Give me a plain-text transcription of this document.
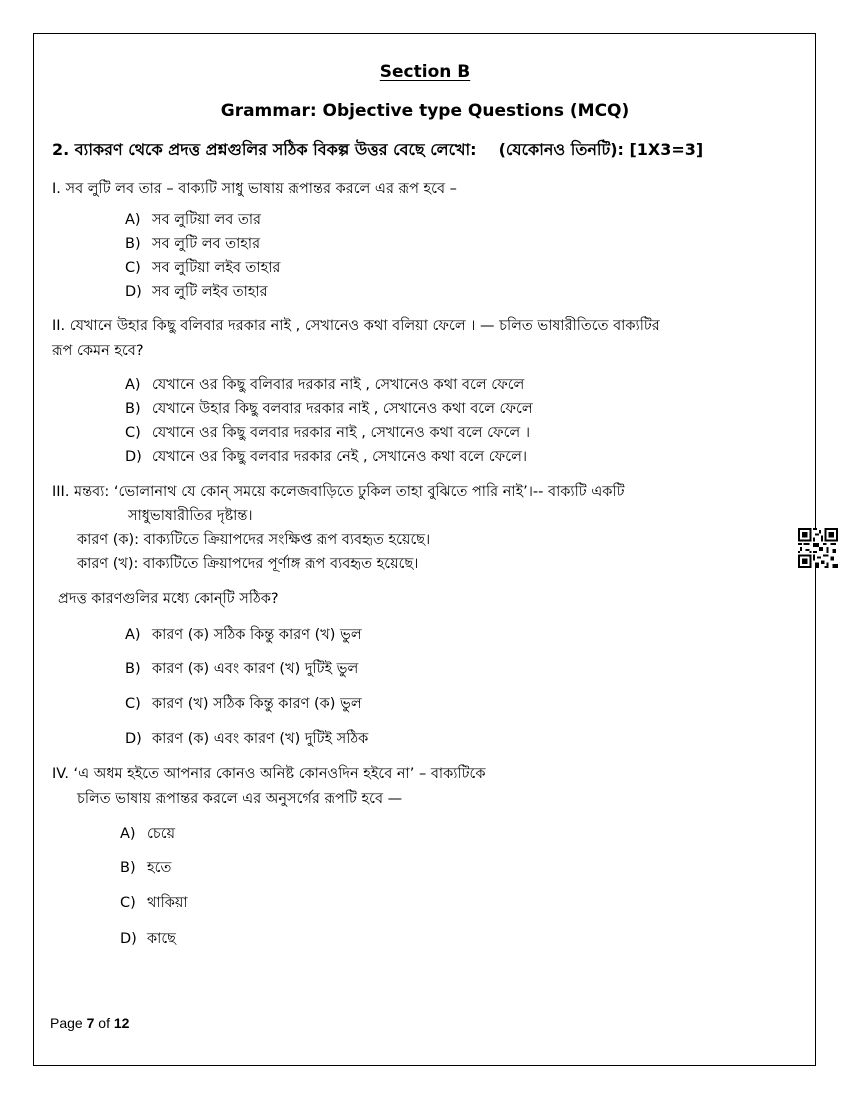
Section B
Grammar: Objective type Questions (MCQ)
2. ব্যাকরণ থেকে প্রদত্ত প্রশ্নগুলির সঠিক বিকল্প উত্তর বেছে লেখো: (যেকোনও তিনটি): [1X3=3]
I. সব লুটি লব তার – বাক্যটি সাধু ভাষায় রূপান্তর করলে এর রূপ হবে –
A) সব লুটিয়া লব তার
B) সব লুটি লব তাহার
C) সব লুটিয়া লইব তাহার
D) সব লুটি লইব তাহার
II. যেখানে উহার কিছু বলিবার দরকার নাই , সেখানেও কথা বলিয়া ফেলে । — চলিত ভাষারীতিতে বাক্যটির
রূপ কেমন হবে?
A) যেখানে ওর কিছু বলিবার দরকার নাই , সেখানেও কথা বলে ফেলে
B) যেখানে উহার কিছু বলবার দরকার নাই , সেখানেও কথা বলে ফেলে
C) যেখানে ওর কিছু বলবার দরকার নাই , সেখানেও কথা বলে ফেলে ।
D) যেখানে ওর কিছু বলবার দরকার নেই , সেখানেও কথা বলে ফেলে।
III. মন্তব্য: ‘ভোলানাথ যে কোন্ সময়ে কলেজবাড়িতে ঢুকিল তাহা বুঝিতে পারি নাই’।-- বাক্যটি একটি
সাধুভাষারীতির দৃষ্টান্ত।
কারণ (ক): বাক্যটিতে ক্রিয়াপদের সংক্ষিপ্ত রূপ ব্যবহৃত হয়েছে।
কারণ (খ): বাক্যটিতে ক্রিয়াপদের পূর্ণাঙ্গ রূপ ব্যবহৃত হয়েছে।
প্রদত্ত কারণগুলির মধ্যে কোন্‌টি সঠিক?
A) কারণ (ক) সঠিক কিন্তু কারণ (খ) ভুল
B) কারণ (ক) এবং কারণ (খ) দুটিই ভুল
C) কারণ (খ) সঠিক কিন্তু কারণ (ক) ভুল
D) কারণ (ক) এবং কারণ (খ) দুটিই সঠিক
IV. ‘এ অধম হইতে আপনার কোনও অনিষ্ট কোনওদিন হইবে না’ – বাক্যটিকে
চলিত ভাষায় রূপান্তর করলে এর অনুসর্গের রূপটি হবে —
A) চেয়ে
B) হতে
C) থাকিয়া
D) কাছে
Page 7 of 12
